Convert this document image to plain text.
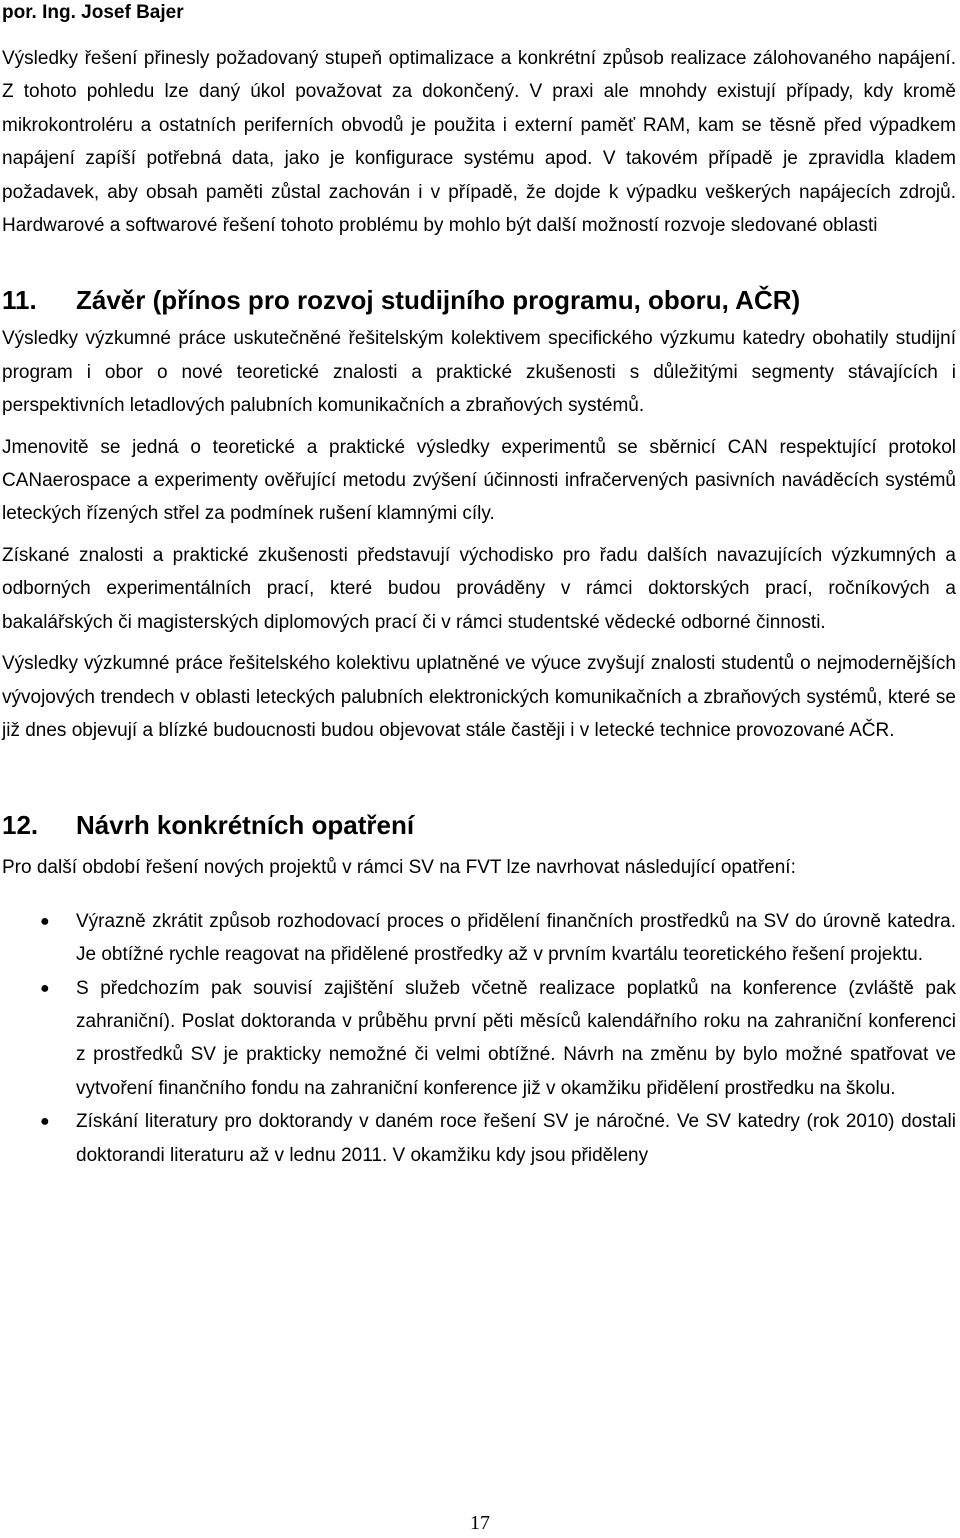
por. Ing. Josef Bajer

Výsledky řešení přinesly požadovaný stupeň optimalizace a konkrétní způsob realizace zálohovaného napájení. Z tohoto pohledu lze daný úkol považovat za dokončený. V praxi ale mnohdy existují případy, kdy kromě mikrokontroléru a ostatních periferních obvodů je použita i externí paměť RAM, kam se těsně před výpadkem napájení zapíší potřebná data, jako je konfigurace systému apod. V takovém případě je zpravidla kladem požadavek, aby obsah paměti zůstal zachován i v případě, že dojde k výpadku veškerých napájecích zdrojů. Hardwarové a softwarové řešení tohoto problému by mohlo být další možností rozvoje sledované oblasti

11.	Závěr (přínos pro rozvoj studijního programu, oboru, AČR)

Výsledky výzkumné práce uskutečněné řešitelským kolektivem specifického výzkumu katedry obohatily studijní program i obor o nové teoretické znalosti a praktické zkušenosti s důležitými segmenty stávajících i perspektivních letadlových palubních komunikačních a zbraňových systémů.

Jmenovitě se jedná o teoretické a praktické výsledky experimentů se sběrnicí CAN respektující protokol CANaerospace a experimenty ověřující metodu zvýšení účinnosti infračervených pasivních naváděcích systémů leteckých řízených střel za podmínek rušení klamnými cíly.

Získané znalosti a praktické zkušenosti představují východisko pro řadu dalších navazujících výzkumných a odborných experimentálních prací, které budou prováděny v rámci doktorských prací, ročníkových a bakalářských či magisterských diplomových prací či v rámci studentské vědecké odborné činnosti.

Výsledky výzkumné práce řešitelského kolektivu uplatněné ve výuce zvyšují znalosti studentů o nejmodernějších vývojových trendech v oblasti leteckých palubních elektronických komunikačních a zbraňových systémů, které se již dnes objevují a blízké budoucnosti budou objevovat stále častěji i v letecké technice provozované AČR.

12.	Návrh konkrétních opatření

Pro další období řešení nových projektů v rámci SV na FVT lze navrhovat následující opatření:

● Výrazně zkrátit způsob rozhodovací proces o přidělení finančních prostředků na SV do úrovně katedra. Je obtížné rychle reagovat na přidělené prostředky až v prvním kvartálu teoretického řešení projektu.
● S předchozím pak souvisí zajištění služeb včetně realizace poplatků na konference (zvláště pak zahraniční). Poslat doktoranda v průběhu první pěti měsíců kalendářního roku na zahraniční konferenci z prostředků SV je prakticky nemožné či velmi obtížné. Návrh na změnu by bylo možné spatřovat ve vytvoření finančního fondu na zahraniční konference již v okamžiku přidělení prostředku na školu.
● Získání literatury pro doktorandy v daném roce řešení SV je náročné. Ve SV katedry (rok 2010) dostali doktorandi literaturu až v lednu 2011. V okamžiku kdy jsou přiděleny
17
